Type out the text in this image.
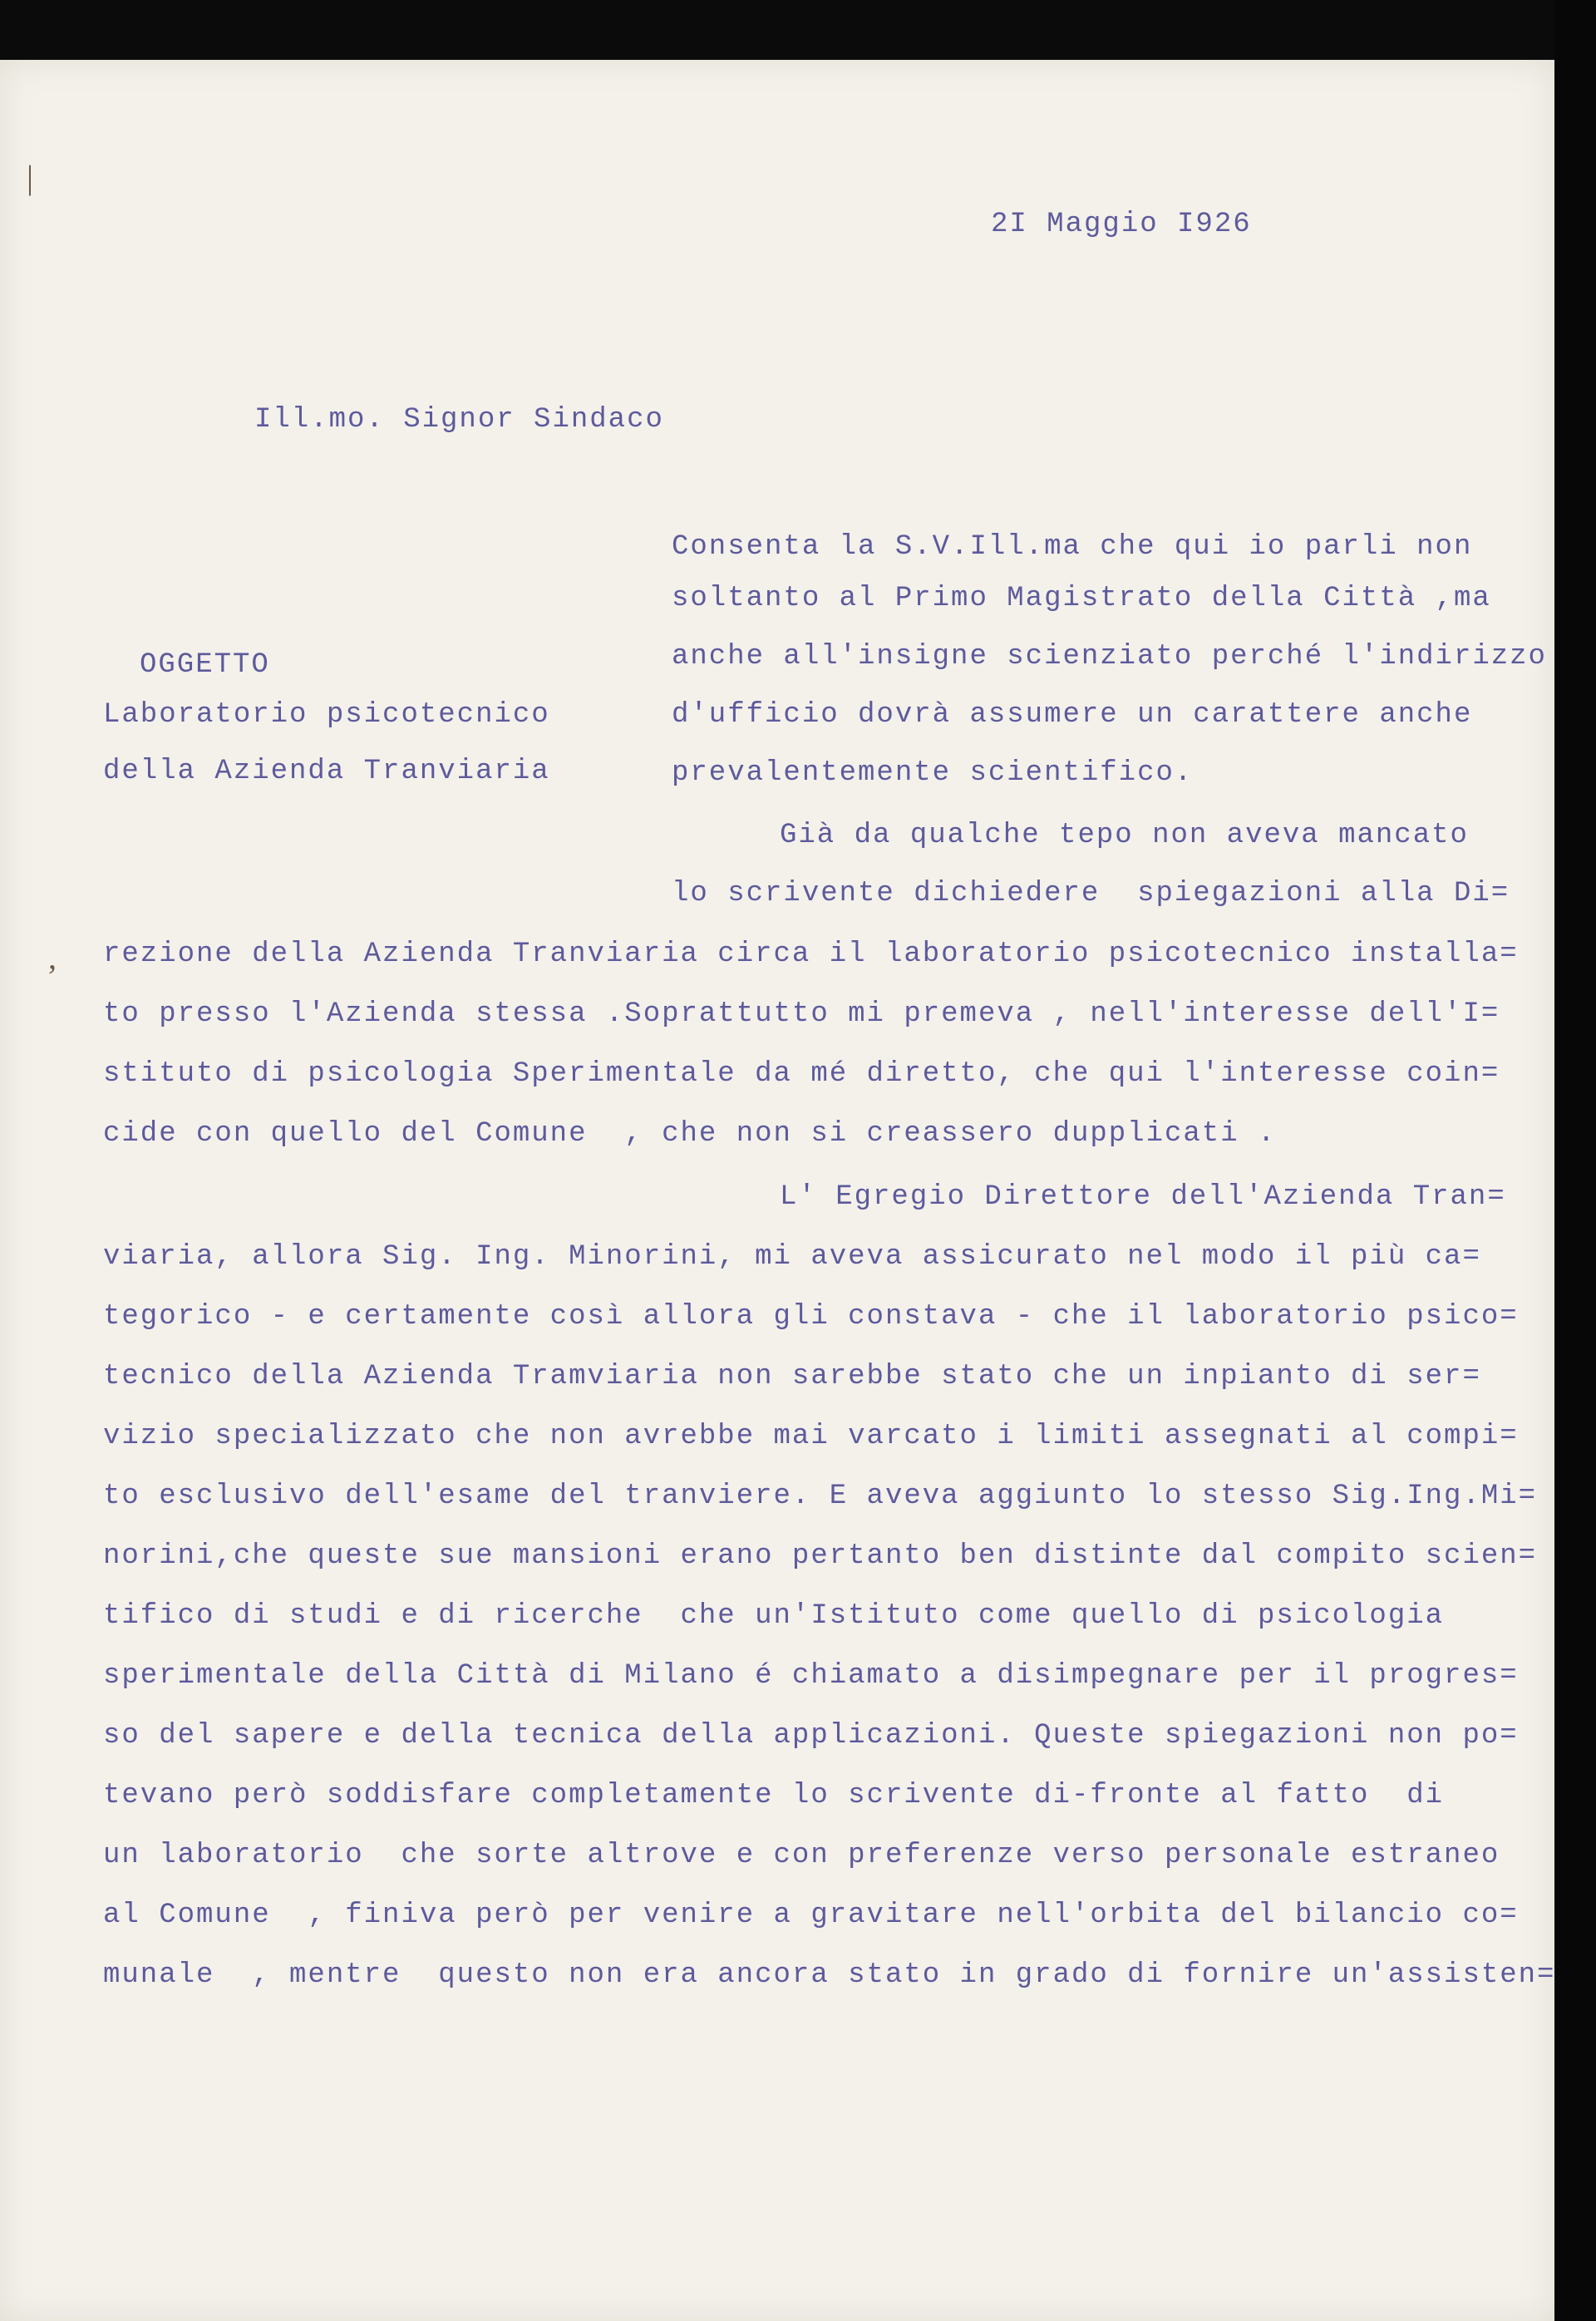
|
,
2I Maggio I926
Ill.mo. Signor Sindaco
OGGETTO
Laboratorio psicotecnico
della Azienda Tranviaria
Consenta la S.V.Ill.ma che qui io parli non
soltanto al Primo Magistrato della Città ,ma
anche all'insigne scienziato perché l'indirizzo
d'ufficio dovrà assumere un carattere anche
prevalentemente scientifico.
Già da qualche tepo non aveva mancato
lo scrivente dichiedere  spiegazioni alla Di=
rezione della Azienda Tranviaria circa il laboratorio psicotecnico installa=
to presso l'Azienda stessa .Soprattutto mi premeva , nell'interesse dell'I=
stituto di psicologia Sperimentale da mé diretto, che qui l'interesse coin=
cide con quello del Comune  , che non si creassero dupplicati .
L' Egregio Direttore dell'Azienda Tran=
viaria, allora Sig. Ing. Minorini, mi aveva assicurato nel modo il più ca=
tegorico - e certamente così allora gli constava - che il laboratorio psico=
tecnico della Azienda Tramviaria non sarebbe stato che un inpianto di ser=
vizio specializzato che non avrebbe mai varcato i limiti assegnati al compi=
to esclusivo dell'esame del tranviere. E aveva aggiunto lo stesso Sig.Ing.Mi=
norini,che queste sue mansioni erano pertanto ben distinte dal compito scien=
tifico di studi e di ricerche  che un'Istituto come quello di psicologia
sperimentale della Città di Milano é chiamato a disimpegnare per il progres=
so del sapere e della tecnica della applicazioni. Queste spiegazioni non po=
tevano però soddisfare completamente lo scrivente di-fronte al fatto  di
un laboratorio  che sorte altrove e con preferenze verso personale estraneo
al Comune  , finiva però per venire a gravitare nell'orbita del bilancio co=
munale  , mentre  questo non era ancora stato in grado di fornire un'assisten=
